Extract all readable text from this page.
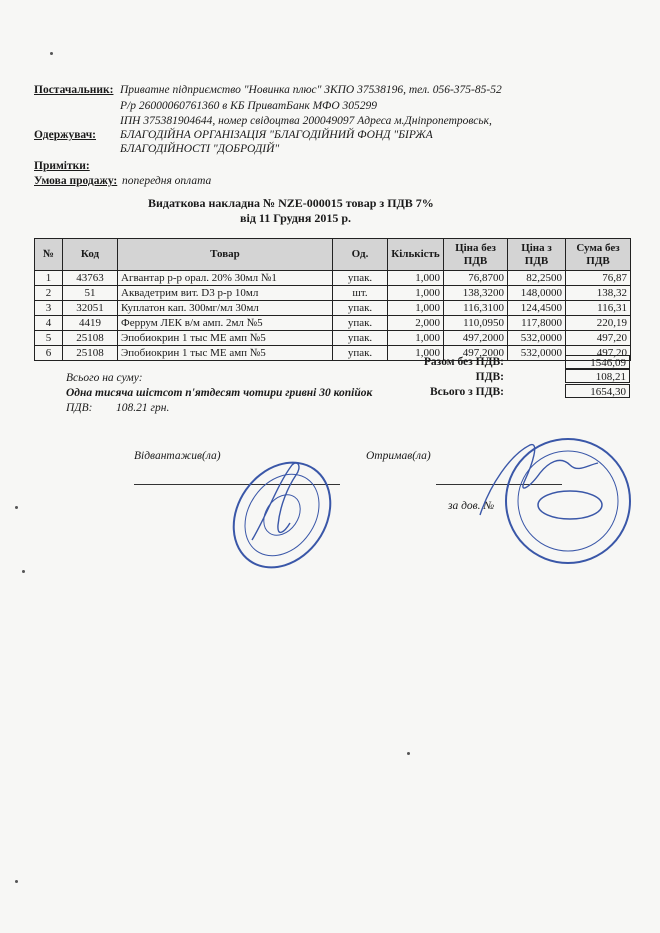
Постачальник: Приватне підприємство "Новинка плюс" ЗКПО 37538196, тел. 056-375-85-52
Р/р 26000060761360 в КБ ПриватБанк МФО 305299
ІПН 375381904644, номер свідоцтва 200049097 Адреса м.Дніпропетровськ,
Одержувач: БЛАГОДІЙНА ОРГАНІЗАЦІЯ "БЛАГОДІЙНИЙ ФОНД "БІРЖА
БЛАГОДІЙНОСТІ "ДОБРОДІЙ"
Примітки:
Умова продажу: попередня оплата
Видаткова накладна № NZE-000015 товар з ПДВ 7%
від 11 Грудня 2015 р.
№	Код	Товар	Од.	Кількість	Ціна без ПДВ	Ціна з ПДВ	Сума без ПДВ
1	43763	Агвантар р-р орал. 20% 30мл №1	упак.	1,000	76,8700	82,2500	76,87
2	51	Аквадетрим вит. D3 р-р 10мл	шт.	1,000	138,3200	148,0000	138,32
3	32051	Куплатон кап. 300мг/мл 30мл	упак.	1,000	116,3100	124,4500	116,31
4	4419	Феррум ЛЕК в/м амп. 2мл №5	упак.	2,000	110,0950	117,8000	220,19
5	25108	Эпобиокрин 1 тыс МЕ амп №5	упак.	1,000	497,2000	532,0000	497,20
6	25108	Эпобиокрин 1 тыс МЕ амп №5	упак.	1,000	497,2000	532,0000	497,20
Разом без ПДВ:	1546,09
ПДВ:	108,21
Всього з ПДВ:	1654,30
Всього на суму:
Одна тисяча шістсот п'ятдесят чотири гривні 30 копійок
ПДВ: 108.21 грн.
Відвантажив(ла)	Отримав(ла)
за дов. №
